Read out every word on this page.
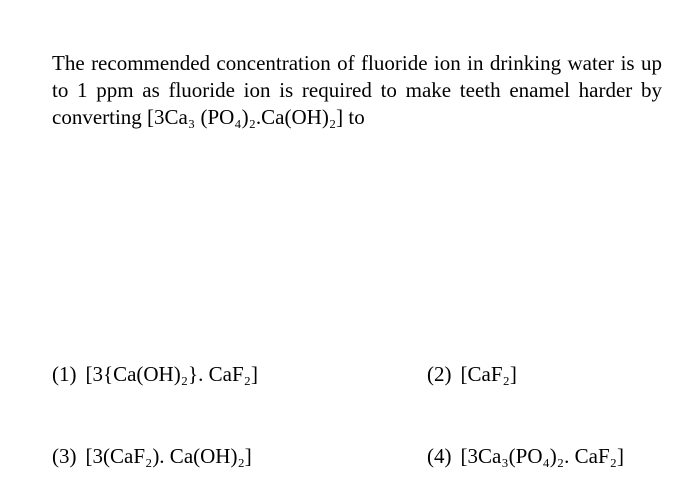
The recommended concentration of fluoride ion in drinking water is up to 1 ppm as fluoride ion is required to make teeth enamel harder by converting [3Ca₃ (PO₄)₂.Ca(OH)₂] to
(1) [3{Ca(OH)₂}. CaF₂]	(2) [CaF₂]
(3) [3(CaF₂). Ca(OH)₂]	(4) [3Ca₃(PO₄)₂. CaF₂]
